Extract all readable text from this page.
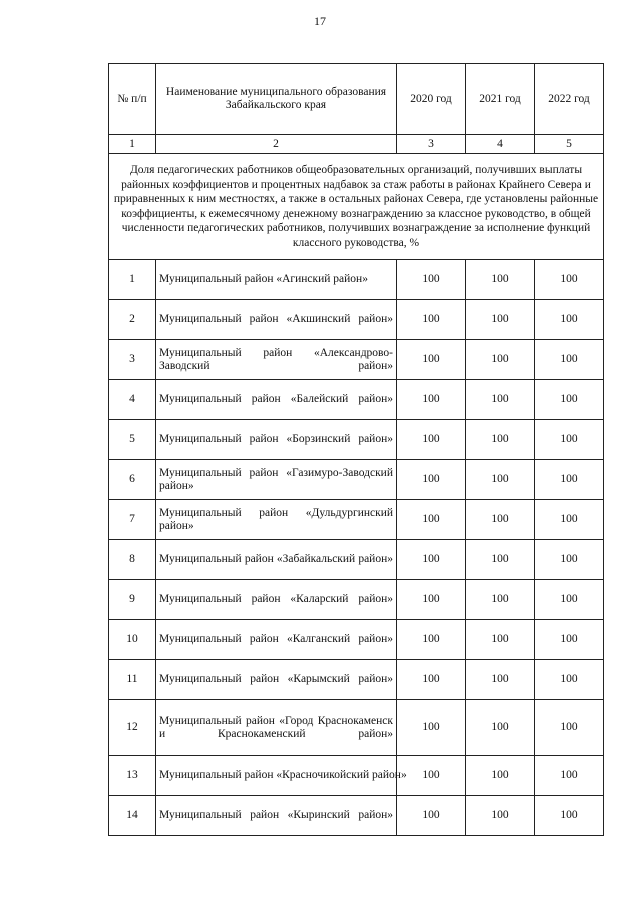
17
№ п/п	Наименование муниципального образования Забайкальского края	2020 год	2021 год	2022 год
1	2	3	4	5
Доля педагогических работников общеобразовательных организаций, получивших выплаты районных коэффициентов и процентных надбавок за стаж работы в районах Крайнего Севера и приравненных к ним местностях, а также в остальных районах Севера, где установлены районные коэффициенты, к ежемесячному денежному вознаграждению за классное руководство, в общей численности педагогических работников, получивших вознаграждение за исполнение функций классного руководства, %				
1	Муниципальный район «Агинский район»	100	100	100
2	Муниципальный район «Акшинский район»	100	100	100
3	Муниципальный район «Александрово-Заводский район»	100	100	100
4	Муниципальный район «Балейский район»	100	100	100
5	Муниципальный район «Борзинский район»	100	100	100
6	Муниципальный район «Газимуро-Заводский район»	100	100	100
7	Муниципальный район «Дульдургинский район»	100	100	100
8	Муниципальный район «Забайкальский район»	100	100	100
9	Муниципальный район «Каларский район»	100	100	100
10	Муниципальный район «Калганский район»	100	100	100
11	Муниципальный район «Карымский район»	100	100	100
12	Муниципальный район «Город Краснокаменск и Краснокаменский район»	100	100	100
13	Муниципальный район «Красночикойский район»	100	100	100
14	Муниципальный район «Кыринский район»	100	100	100
